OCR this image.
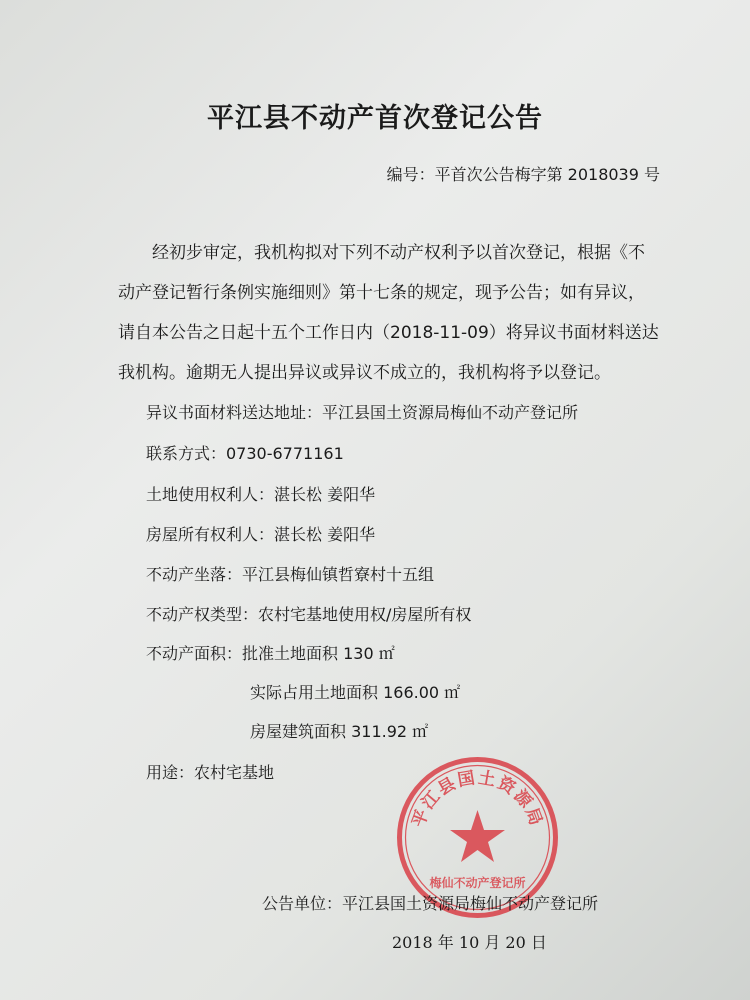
平江县不动产首次登记公告
编号：平首次公告梅字第 2018039 号
经初步审定，我机构拟对下列不动产权利予以首次登记，根据《不
动产登记暂行条例实施细则》第十七条的规定，现予公告；如有异议，
请自本公告之日起十五个工作日内（2018-11-09）将异议书面材料送达
我机构。逾期无人提出异议或异议不成立的，我机构将予以登记。
异议书面材料送达地址：平江县国土资源局梅仙不动产登记所
联系方式：0730-6771161
土地使用权利人：湛长松 姜阳华
房屋所有权利人：湛长松 姜阳华
不动产坐落：平江县梅仙镇哲寮村十五组
不动产权类型：农村宅基地使用权/房屋所有权
不动产面积：批准土地面积 130 ㎡
实际占用土地面积 166.00 ㎡
房屋建筑面积 311.92 ㎡
用途：农村宅基地
平江县国土资源局
梅仙不动产登记所
公告单位：平江县国土资源局梅仙不动产登记所
2018 年 10 月 20 日
